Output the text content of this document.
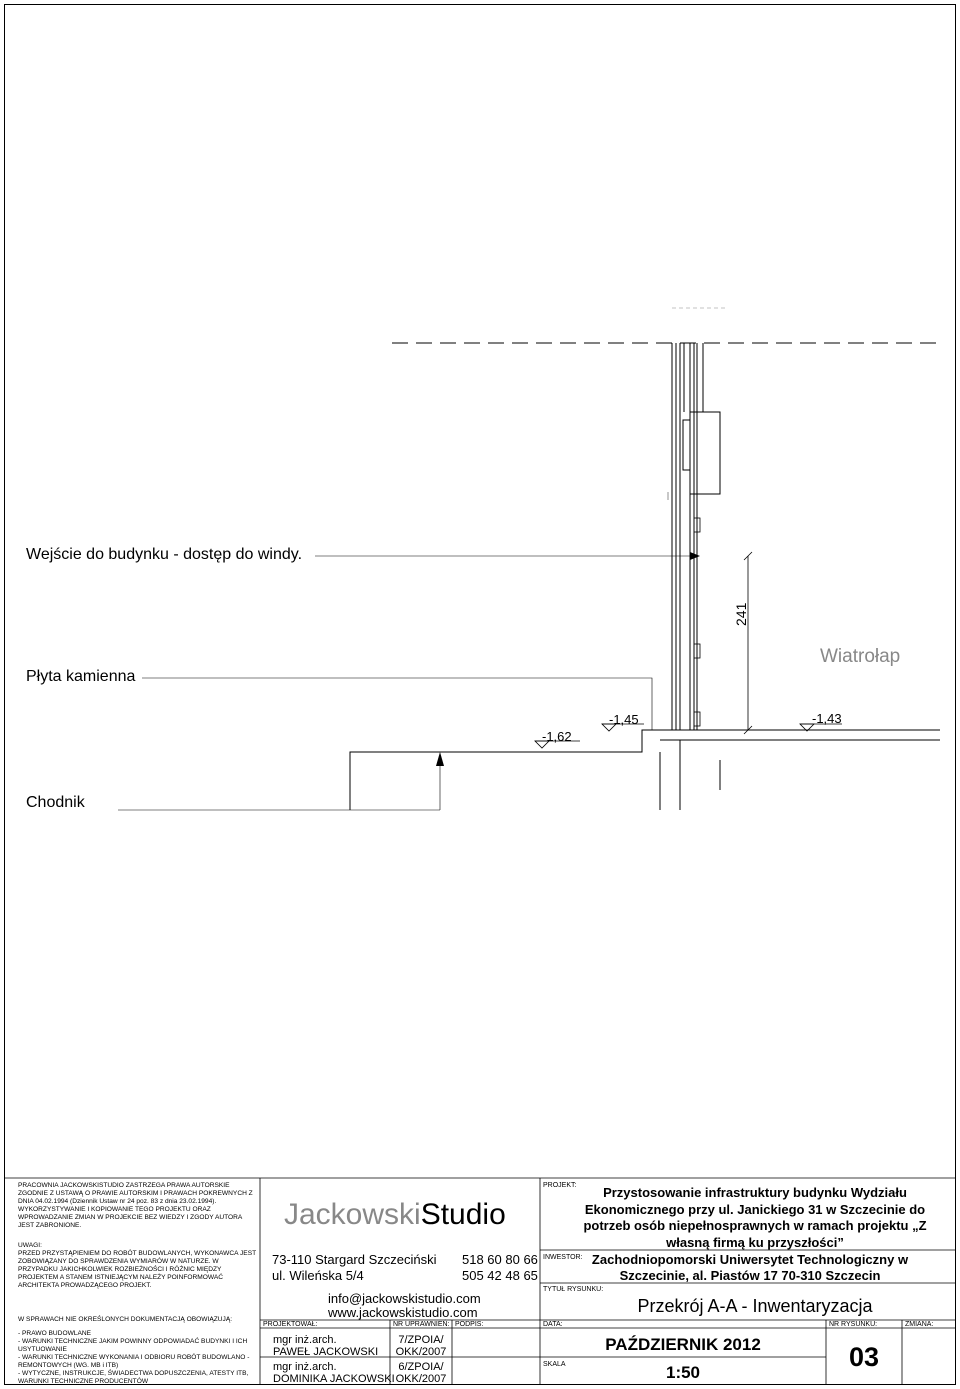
Wejście do budynku - dostęp do windy.
Płyta kamienna
Wiatrołap
Chodnik
241
-1,62
-1,45	-1,43
PRACOWNIA JACKOWSKISTUDIO ZASTRZEGA PRAWA AUTORSKIE ZGODNIE Z USTAWĄ O PRAWIE AUTORSKIM I PRAWACH POKREWNYCH Z DNIA 04.02.1994 (Dziennik Ustaw nr 24 poz. 83 z dnia 23.02.1994). WYKORZYSTYWANIE I KOPIOWANIE TEGO PROJEKTU ORAZ WPROWADZANIE ZMIAN W PROJEKCIE BEZ WIEDZY I ZGODY AUTORA JEST ZABRONIONE.
UWAGI:
PRZED PRZYSTĄPIENIEM DO ROBÓT BUDOWLANYCH, WYKONAWCA JEST ZOBOWIĄZANY DO SPRAWDZENIA WYMIARÓW W NATURZE. W PRZYPADKU JAKICHKOLWIEK ROZBIEŻNOŚCI I RÓŻNIC MIĘDZY PROJEKTEM A STANEM ISTNIEJĄCYM NALEŻY POINFORMOWAĆ ARCHITEKTA PROWADZĄCEGO PROJEKT.
W SPRAWACH NIE OKREŚLONYCH DOKUMENTACJĄ OBOWIĄZUJĄ:
- PRAWO BUDOWLANE
- WARUNKI TECHNICZNE JAKIM POWINNY ODPOWIADAĆ BUDYNKI I ICH USYTUOWANIE
- WARUNKI TECHNICZNE WYKONANIA I ODBIORU ROBÓT BUDOWLANO - REMONTOWYCH (WG. MB i ITB)
- WYTYCZNE, INSTRUKCJE, ŚWIADECTWA DOPUSZCZENIA, ATESTY ITB, WARUNKI TECHNICZNE PRODUCENTÓW
JackowskiStudio
73-110 Stargard Szczeciński
ul. Wileńska 5/4
518 60 80 66
505 42 48 65
info@jackowskistudio.com
www.jackowskistudio.com
PROJEKT:	Przystosowanie infrastruktury budynku Wydziału Ekonomicznego przy ul. Janickiego 31 w Szczecinie do potrzeb osób niepełnosprawnych w ramach projektu „Z własną firmą ku przyszłości”
INWESTOR: Zachodniopomorski Uniwersytet Technologiczny w Szczecinie, al. Piastów 17 70-310 Szczecin
TYTUŁ RYSUNKU:
Przekrój A-A - Inwentaryzacja
PROJEKTOWAŁ:	NR UPRAWNIEŃ: PODPIS:	DATA:	NR RYSUNKU:	ZMIANA:
mgr inż.arch.
PAWEŁ JACKOWSKI
7/ZPOIA/
OKK/2007
mgr inż.arch.
DOMINIKA JACKOWSKI
6/ZPOIA/
OKK/2007
PAŹDZIERNIK 2012
SKALA	1:50
03
